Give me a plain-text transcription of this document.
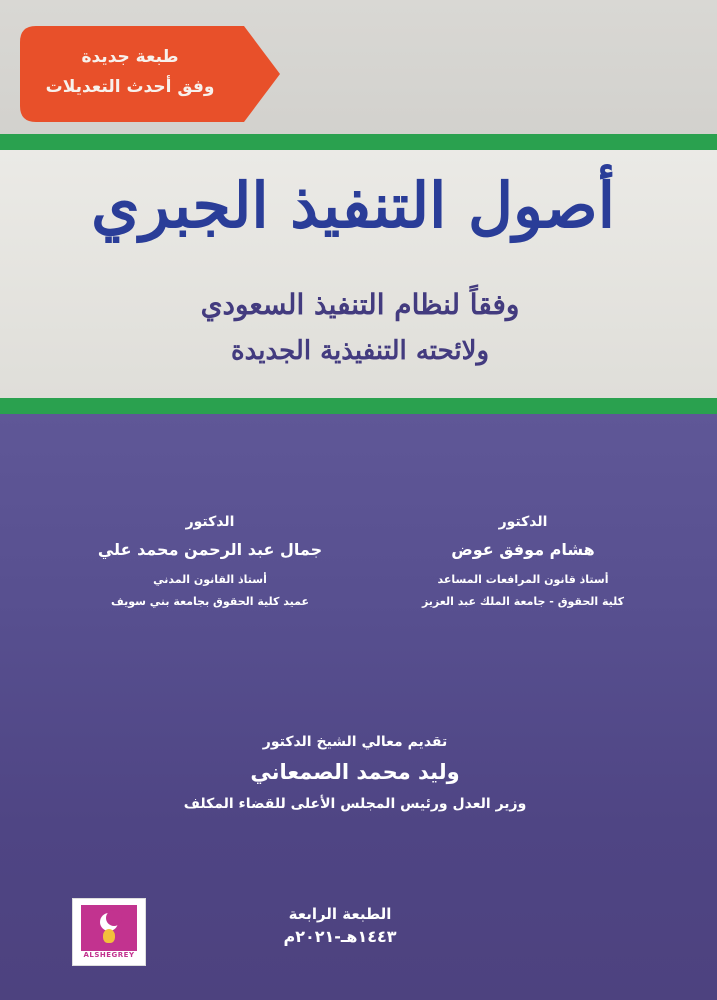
طبعة جديدة
وفق أحدث التعديلات
أصول التنفيذ الجبري
وفقاً لنظام التنفيذ السعودي
ولائحته التنفيذية الجديدة
الدكتور
هشام موفق عوض
أستاذ قانون المرافعات المساعد
كلية الحقوق - جامعة الملك عبد العزيز
الدكتور
جمال عبد الرحمن محمد علي
أستاذ القانون المدني
عميد كلية الحقوق بجامعة بني سويف
تقديم معالي الشيخ الدكتور
وليد محمد الصمعاني
وزير العدل ورئيس المجلس الأعلى للقضاء المكلف
الطبعة الرابعة
١٤٤٣هـ-٢٠٢١م
ALSHEGREY
